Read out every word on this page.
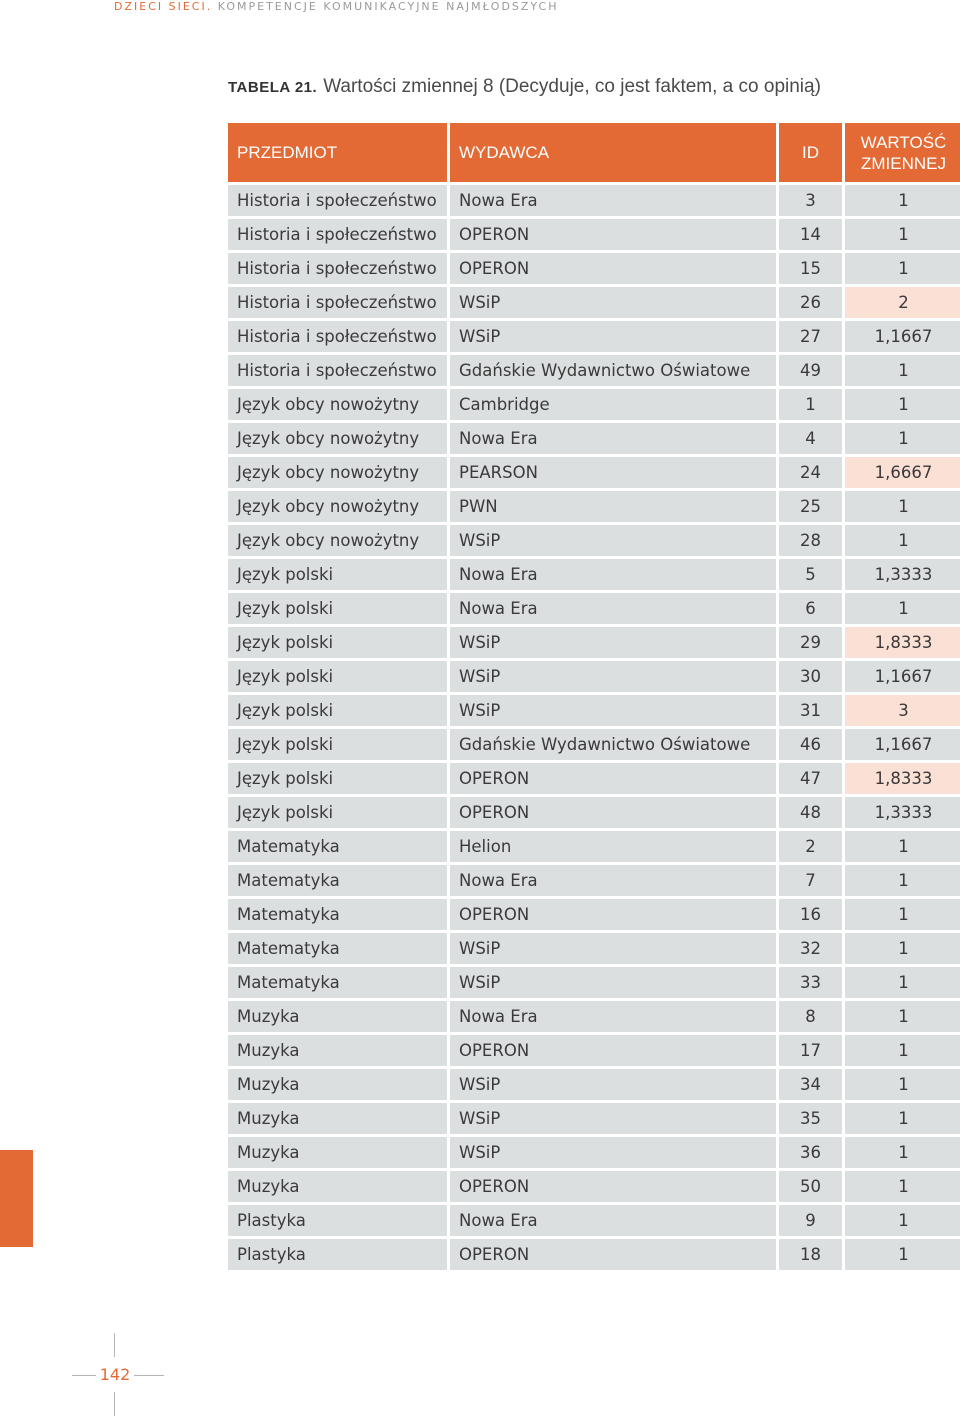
DZIECI SIECI. KOMPETENCJE KOMUNIKACYJNE NAJMŁODSZYCH
TABELA 21. Wartości zmiennej 8 (Decyduje, co jest faktem, a co opinią)
PRZEDMIOT	WYDAWCA	ID	WARTOŚĆ ZMIENNEJ
Historia i społeczeństwo	Nowa Era	3	1
Historia i społeczeństwo	OPERON	14	1
Historia i społeczeństwo	OPERON	15	1
Historia i społeczeństwo	WSiP	26	2
Historia i społeczeństwo	WSiP	27	1,1667
Historia i społeczeństwo	Gdańskie Wydawnictwo Oświatowe	49	1
Język obcy nowożytny	Cambridge	1	1
Język obcy nowożytny	Nowa Era	4	1
Język obcy nowożytny	PEARSON	24	1,6667
Język obcy nowożytny	PWN	25	1
Język obcy nowożytny	WSiP	28	1
Język polski	Nowa Era	5	1,3333
Język polski	Nowa Era	6	1
Język polski	WSiP	29	1,8333
Język polski	WSiP	30	1,1667
Język polski	WSiP	31	3
Język polski	Gdańskie Wydawnictwo Oświatowe	46	1,1667
Język polski	OPERON	47	1,8333
Język polski	OPERON	48	1,3333
Matematyka	Helion	2	1
Matematyka	Nowa Era	7	1
Matematyka	OPERON	16	1
Matematyka	WSiP	32	1
Matematyka	WSiP	33	1
Muzyka	Nowa Era	8	1
Muzyka	OPERON	17	1
Muzyka	WSiP	34	1
Muzyka	WSiP	35	1
Muzyka	WSiP	36	1
Muzyka	OPERON	50	1
Plastyka	Nowa Era	9	1
Plastyka	OPERON	18	1
142
